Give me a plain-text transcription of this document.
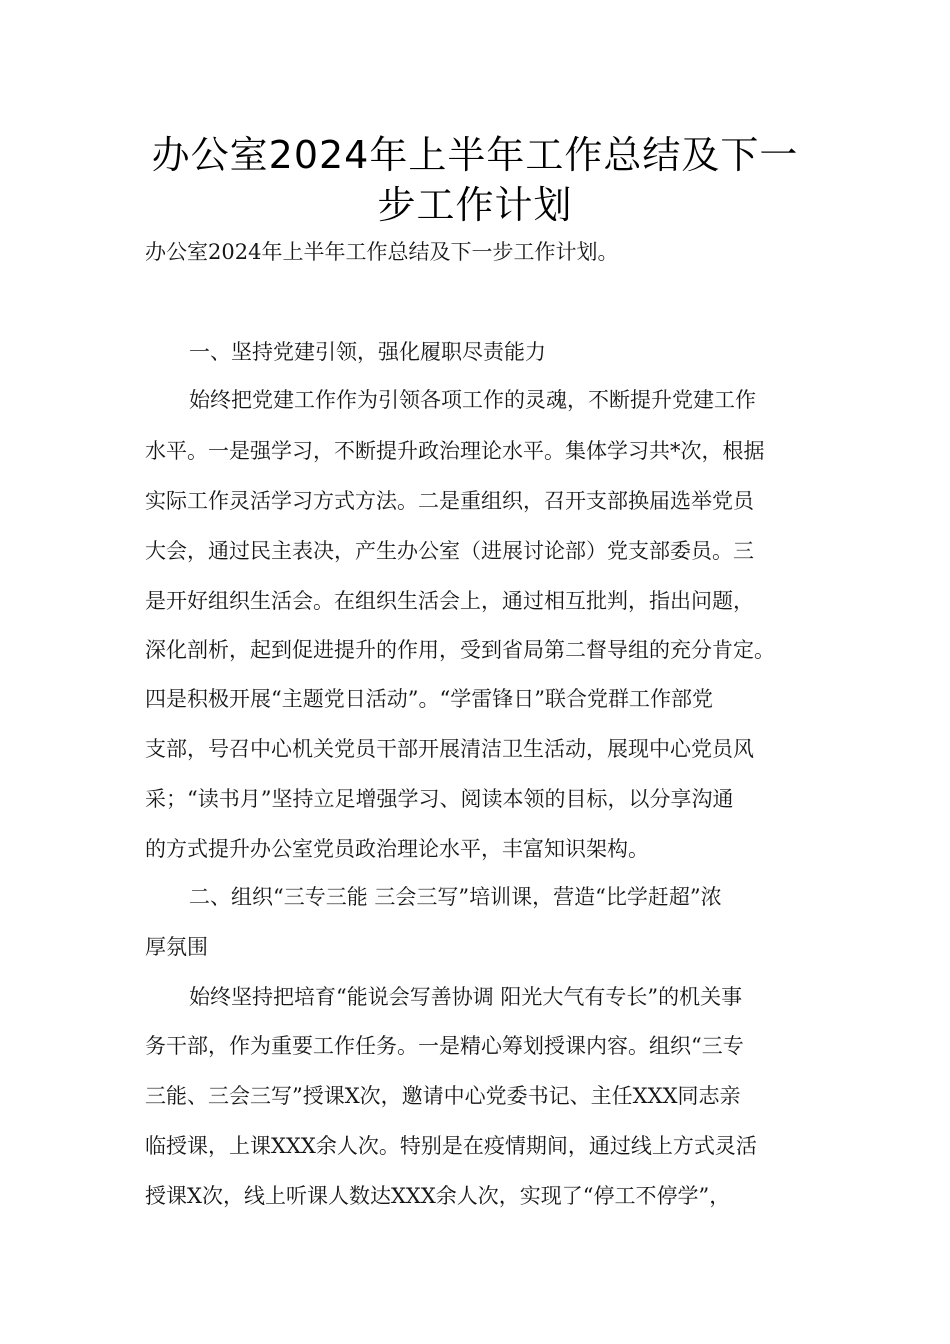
办公室2024年上半年工作总结及下一
步工作计划
办公室2024年上半年工作总结及下一步工作计划。
一、坚持党建引领，强化履职尽责能力
始终把党建工作作为引领各项工作的灵魂，不断提升党建工作
水平。一是强学习，不断提升政治理论水平。集体学习共*次，根据
实际工作灵活学习方式方法。二是重组织，召开支部换届选举党员
大会，通过民主表决，产生办公室（进展讨论部）党支部委员。三
是开好组织生活会。在组织生活会上，通过相互批判，指出问题，
深化剖析，起到促进提升的作用，受到省局第二督导组的充分肯定。
四是积极开展“主题党日活动”。“学雷锋日”联合党群工作部党
支部，号召中心机关党员干部开展清洁卫生活动，展现中心党员风
采；“读书月”坚持立足增强学习、阅读本领的目标，以分享沟通
的方式提升办公室党员政治理论水平，丰富知识架构。
二、组织“三专三能 三会三写”培训课，营造“比学赶超”浓
厚氛围
始终坚持把培育“能说会写善协调 阳光大气有专长”的机关事
务干部，作为重要工作任务。一是精心筹划授课内容。组织“三专
三能、三会三写”授课X次，邀请中心党委书记、主任XXX同志亲
临授课，上课XXX余人次。特别是在疫情期间，通过线上方式灵活
授课X次，线上听课人数达XXX余人次，实现了“停工不停学”，
